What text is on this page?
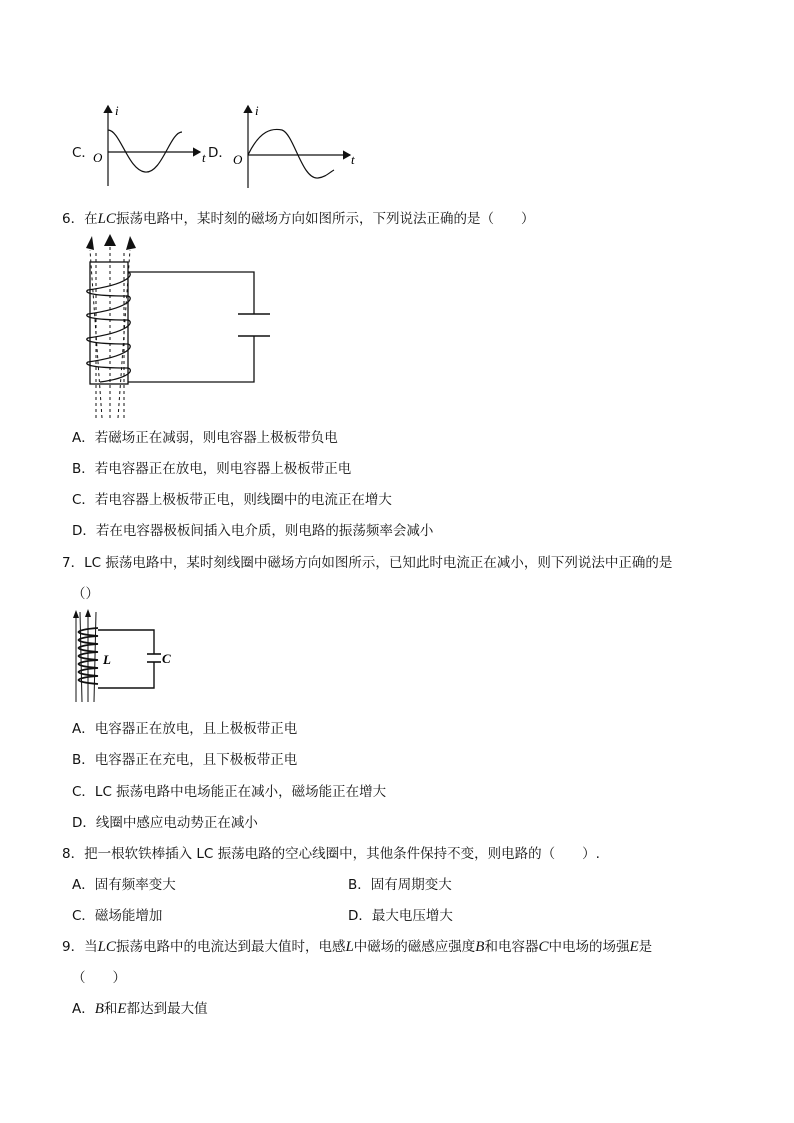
C．
i
t
O	D．
i
t
O
6．在LC振荡电路中，某时刻的磁场方向如图所示，下列说法正确的是（　　）
A．若磁场正在减弱，则电容器上极板带负电
B．若电容器正在放电，则电容器上极板带正电
C．若电容器上极板带正电，则线圈中的电流正在增大
D．若在电容器极板间插入电介质，则电路的振荡频率会减小
7．LC 振荡电路中，某时刻线圈中磁场方向如图所示，已知此时电流正在减小，则下列说法中正确的是
（）
L	C
A．电容器正在放电，且上极板带正电
B．电容器正在充电，且下极板带正电
C．LC 振荡电路中电场能正在减小，磁场能正在增大
D．线圈中感应电动势正在减小
8．把一根软铁棒插入 LC 振荡电路的空心线圈中，其他条件保持不变，则电路的（　　）.
A．固有频率变大	B．固有周期变大
C．磁场能增加	D．最大电压增大
9．当LC振荡电路中的电流达到最大值时，电感L中磁场的磁感应强度B和电容器C中电场的场强E是
（　　）
A．B和E都达到最大值
